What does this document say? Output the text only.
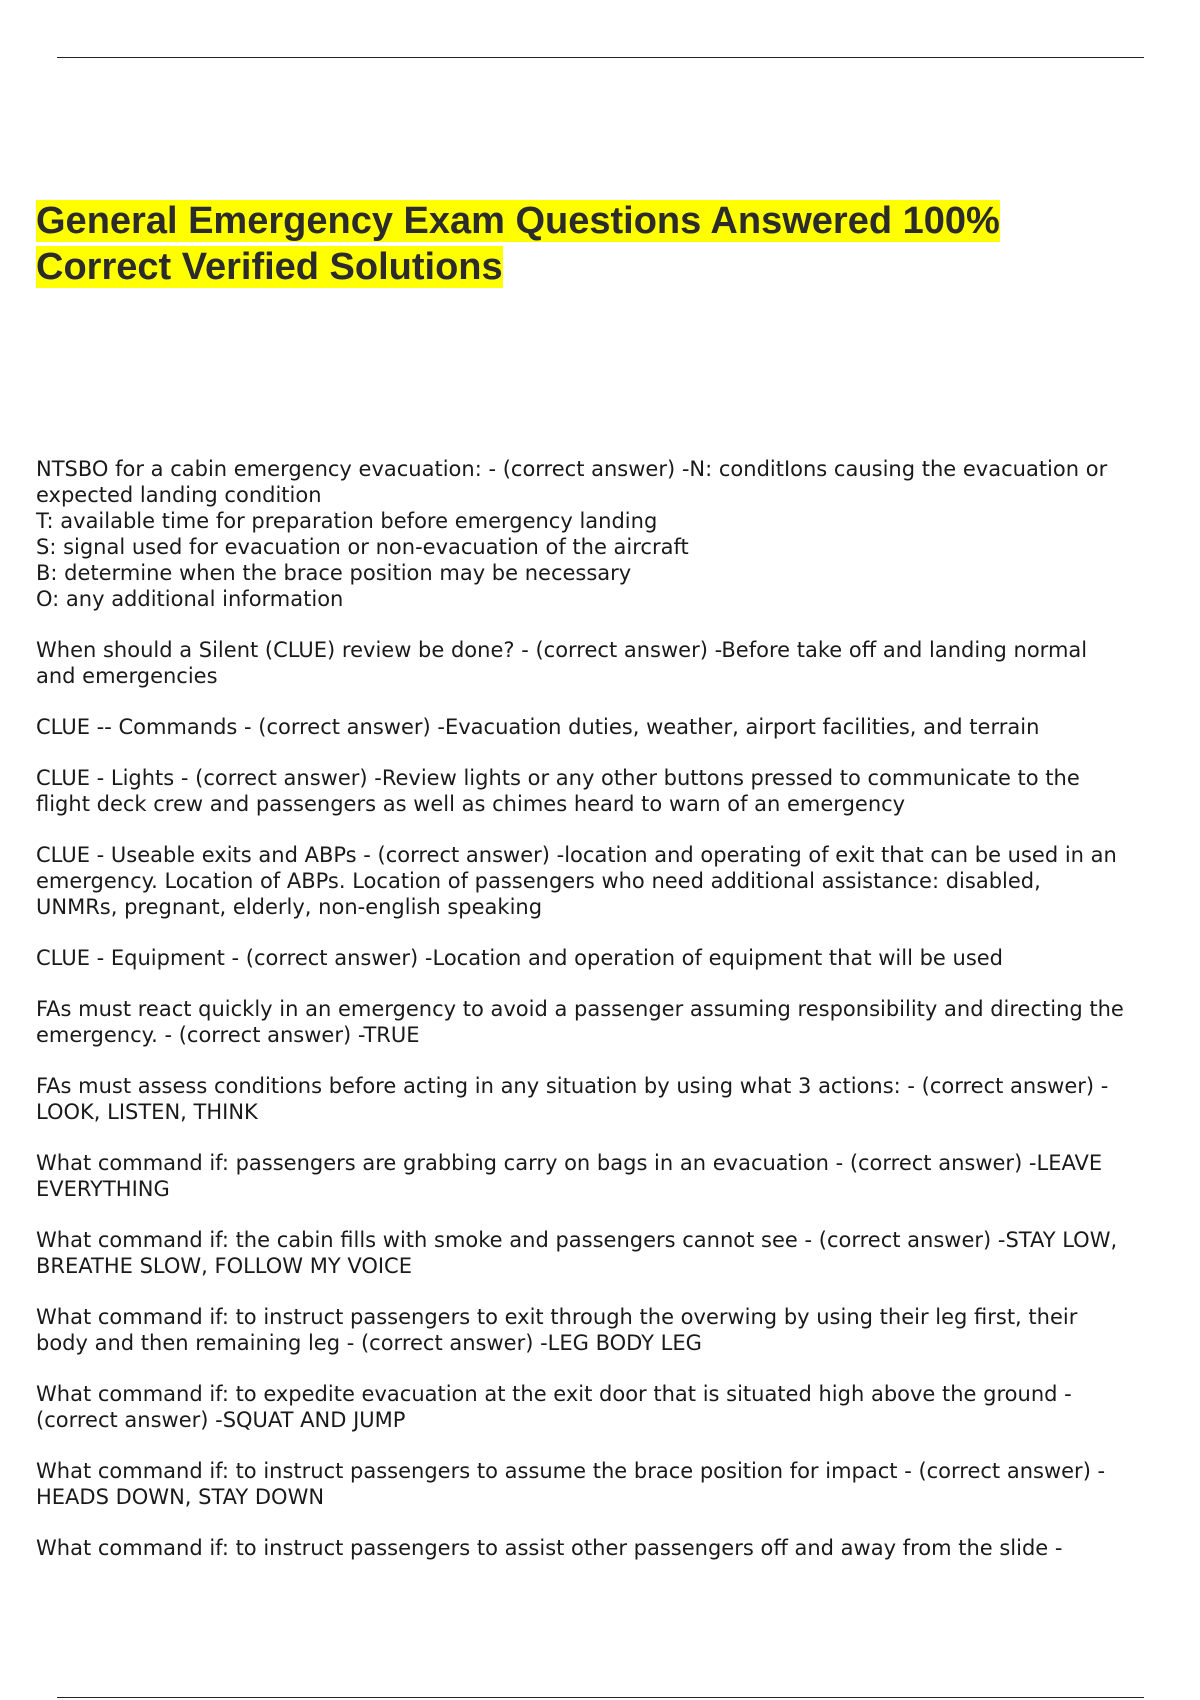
General Emergency Exam Questions Answered 100%
Correct Verified Solutions

NTSBO for a cabin emergency evacuation: - (correct answer) -N: conditIons causing the evacuation or
expected landing condition
T: available time for preparation before emergency landing
S: signal used for evacuation or non-evacuation of the aircraft
B: determine when the brace position may be necessary
O: any additional information

When should a Silent (CLUE) review be done? - (correct answer) -Before take off and landing normal
and emergencies

CLUE -- Commands - (correct answer) -Evacuation duties, weather, airport facilities, and terrain

CLUE - Lights - (correct answer) -Review lights or any other buttons pressed to communicate to the
flight deck crew and passengers as well as chimes heard to warn of an emergency

CLUE - Useable exits and ABPs - (correct answer) -location and operating of exit that can be used in an
emergency. Location of ABPs. Location of passengers who need additional assistance: disabled,
UNMRs, pregnant, elderly, non-english speaking

CLUE - Equipment - (correct answer) -Location and operation of equipment that will be used

FAs must react quickly in an emergency to avoid a passenger assuming responsibility and directing the
emergency. - (correct answer) -TRUE

FAs must assess conditions before acting in any situation by using what 3 actions: - (correct answer) -
LOOK, LISTEN, THINK

What command if: passengers are grabbing carry on bags in an evacuation - (correct answer) -LEAVE
EVERYTHING

What command if: the cabin fills with smoke and passengers cannot see - (correct answer) -STAY LOW,
BREATHE SLOW, FOLLOW MY VOICE

What command if: to instruct passengers to exit through the overwing by using their leg first, their
body and then remaining leg - (correct answer) -LEG BODY LEG

What command if: to expedite evacuation at the exit door that is situated high above the ground -
(correct answer) -SQUAT AND JUMP

What command if: to instruct passengers to assume the brace position for impact - (correct answer) -
HEADS DOWN, STAY DOWN

What command if: to instruct passengers to assist other passengers off and away from the slide -
